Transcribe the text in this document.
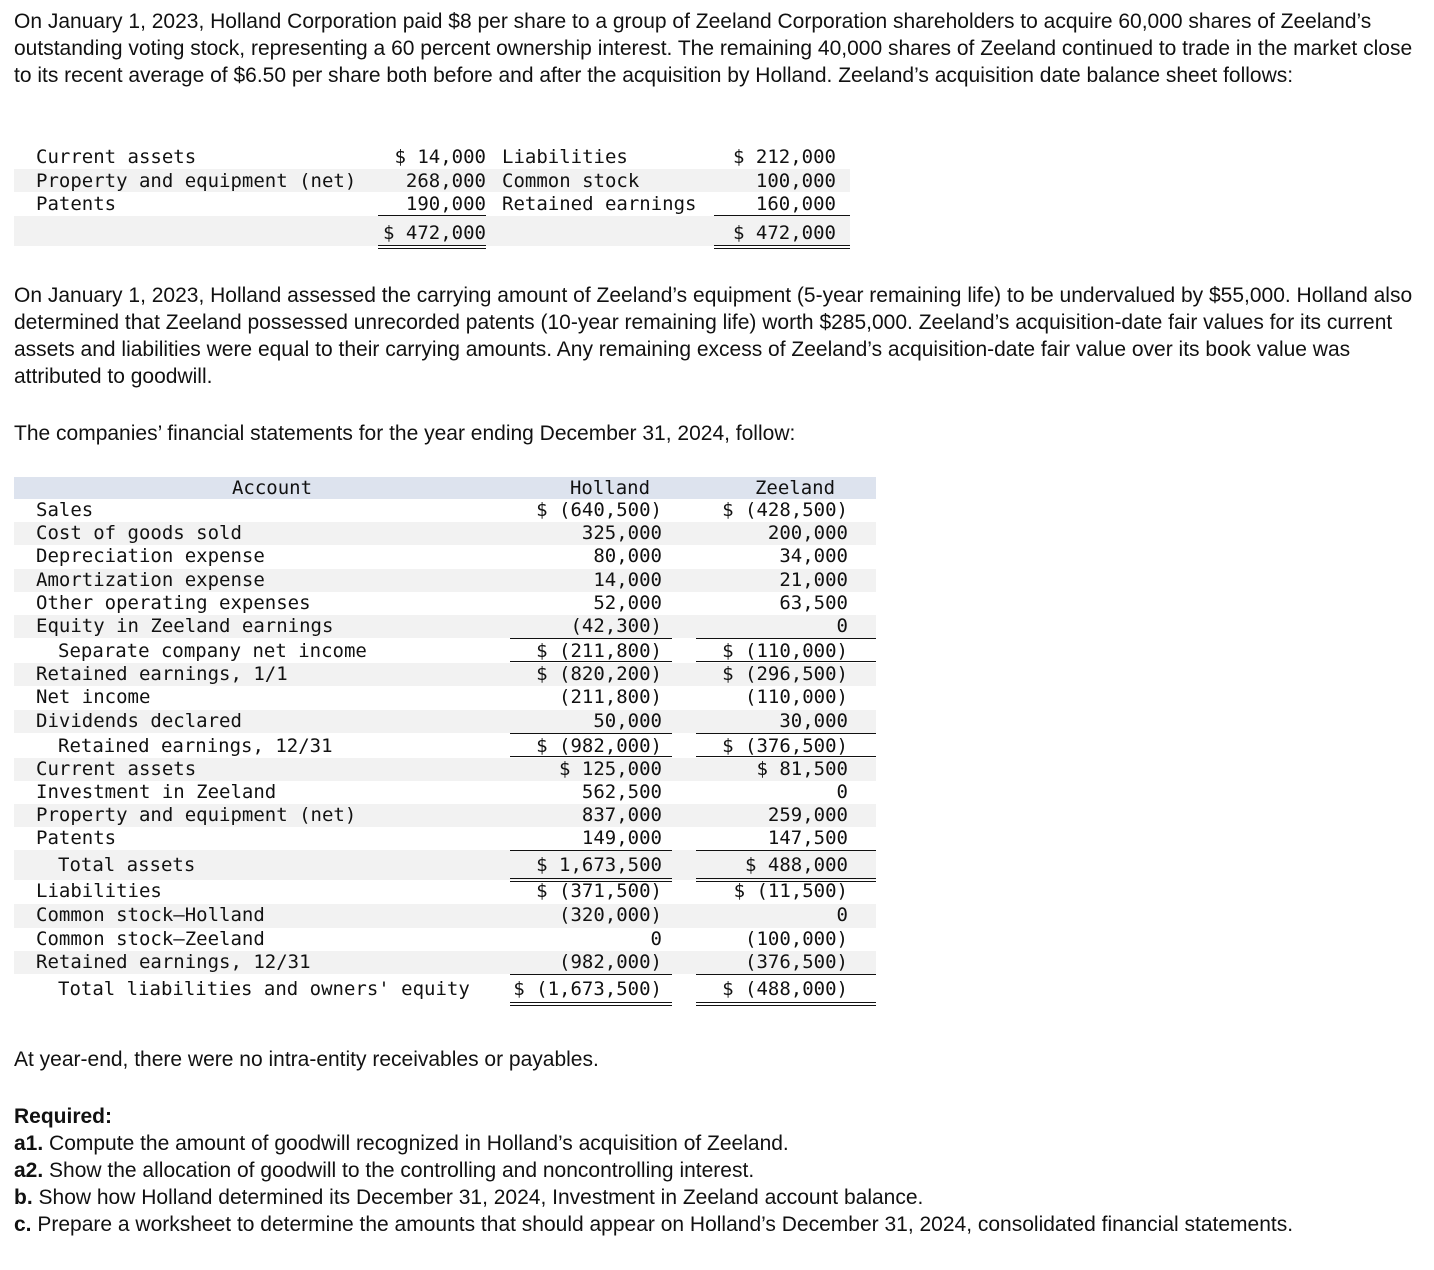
On January 1, 2023, Holland Corporation paid $8 per share to a group of Zeeland Corporation shareholders to acquire 60,000 shares of Zeeland’s outstanding voting stock, representing a 60 percent ownership interest. The remaining 40,000 shares of Zeeland continued to trade in the market close to its recent average of $6.50 per share both before and after the acquisition by Holland. Zeeland’s acquisition date balance sheet follows:
Current assets	$ 14,000 Liabilities	$ 212,000
Property and equipment (net)	268,000 Common stock	100,000
Patents	190,000 Retained earnings	160,000
$ 472,000	$ 472,000
On January 1, 2023, Holland assessed the carrying amount of Zeeland’s equipment (5-year remaining life) to be undervalued by $55,000. Holland also determined that Zeeland possessed unrecorded patents (10-year remaining life) worth $285,000. Zeeland’s acquisition-date fair values for its current assets and liabilities were equal to their carrying amounts. Any remaining excess of Zeeland’s acquisition-date fair value over its book value was attributed to goodwill.
The companies’ financial statements for the year ending December 31, 2024, follow:
Account	Holland	Zeeland
Sales	$ (640,500)	$ (428,500)
Cost of goods sold	325,000	200,000
Depreciation expense	80,000	34,000
Amortization expense	14,000	21,000
Other operating expenses	52,000	63,500
Equity in Zeeland earnings	(42,300)	0
Separate company net income	$ (211,800)	$ (110,000)
Retained earnings, 1/1	$ (820,200)	$ (296,500)
Net income	(211,800)	(110,000)
Dividends declared	50,000	30,000
Retained earnings, 12/31	$ (982,000)	$ (376,500)
Current assets	$ 125,000	$ 81,500
Investment in Zeeland	562,500	0
Property and equipment (net)	837,000	259,000
Patents	149,000	147,500
Total assets	$ 1,673,500	$ 488,000
Liabilities	$ (371,500)	$ (11,500)
Common stock—Holland	(320,000)	0
Common stock—Zeeland	0	(100,000)
Retained earnings, 12/31	(982,000)	(376,500)
Total liabilities and owners' equity $ (1,673,500)	$ (488,000)
At year-end, there were no intra-entity receivables or payables.
Required:
a1. Compute the amount of goodwill recognized in Holland’s acquisition of Zeeland.
a2. Show the allocation of goodwill to the controlling and noncontrolling interest.
b. Show how Holland determined its December 31, 2024, Investment in Zeeland account balance.
c. Prepare a worksheet to determine the amounts that should appear on Holland’s December 31, 2024, consolidated financial statements.
